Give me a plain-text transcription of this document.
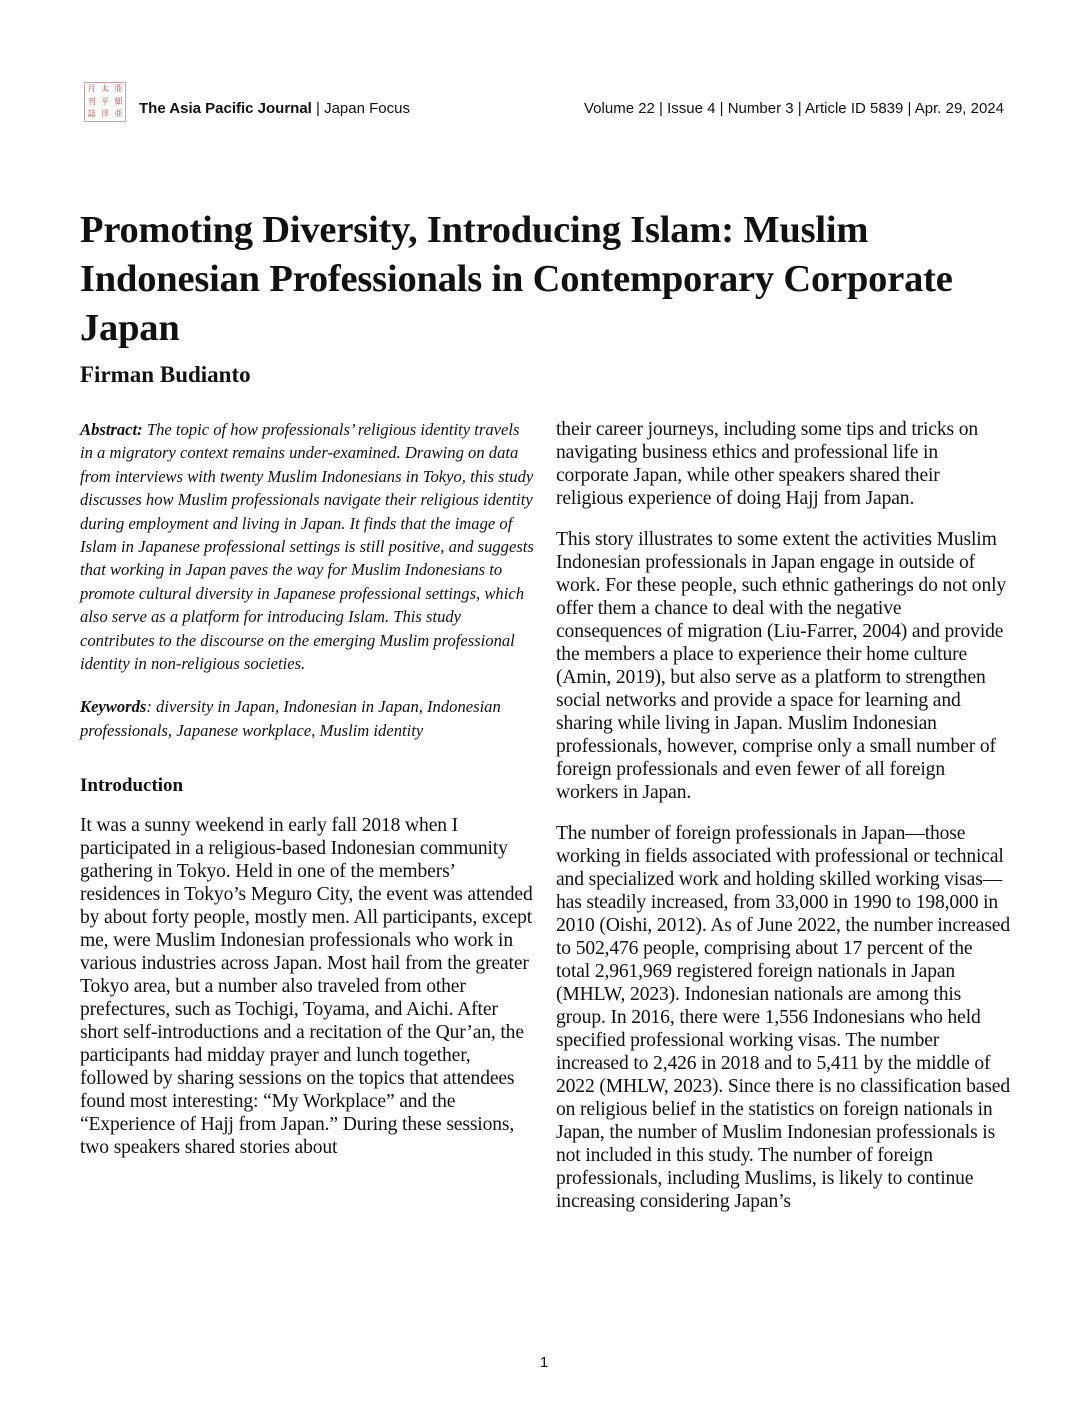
月 太 亜
刊 平 細
誌 洋 亜 The Asia Pacific Journal | Japan Focus	Volume 22 | Issue 4 | Number 3 | Article ID 5839 | Apr. 29, 2024
Promoting Diversity, Introducing Islam: Muslim Indonesian Professionals in Contemporary Corporate Japan

Firman Budianto

Abstract: The topic of how professionals’ religious identity travels in a migratory context remains under-examined. Drawing on data from interviews with twenty Muslim Indonesians in Tokyo, this study discusses how Muslim professionals navigate their religious identity during employment and living in Japan. It finds that the image of Islam in Japanese professional settings is still positive, and suggests that working in Japan paves the way for Muslim Indonesians to promote cultural diversity in Japanese professional settings, which also serve as a platform for introducing Islam. This study contributes to the discourse on the emerging Muslim professional identity in non-religious societies.

Keywords: diversity in Japan, Indonesian in Japan, Indonesian professionals, Japanese workplace, Muslim identity

Introduction

It was a sunny weekend in early fall 2018 when I participated in a religious-based Indonesian community gathering in Tokyo. Held in one of the members’ residences in Tokyo’s Meguro City, the event was attended by about forty people, mostly men. All participants, except me, were Muslim Indonesian professionals who work in various industries across Japan. Most hail from the greater Tokyo area, but a number also traveled from other prefectures, such as Tochigi, Toyama, and Aichi. After short self-introductions and a recitation of the Qur’an, the participants had midday prayer and lunch together, followed by sharing sessions on the topics that attendees found most interesting: “My Workplace” and the “Experience of Hajj from Japan.” During these sessions, two speakers shared stories about

their career journeys, including some tips and tricks on navigating business ethics and professional life in corporate Japan, while other speakers shared their religious experience of doing Hajj from Japan.

This story illustrates to some extent the activities Muslim Indonesian professionals in Japan engage in outside of work. For these people, such ethnic gatherings do not only offer them a chance to deal with the negative consequences of migration (Liu-Farrer, 2004) and provide the members a place to experience their home culture (Amin, 2019), but also serve as a platform to strengthen social networks and provide a space for learning and sharing while living in Japan. Muslim Indonesian professionals, however, comprise only a small number of foreign professionals and even fewer of all foreign workers in Japan.

The number of foreign professionals in Japan—those working in fields associated with professional or technical and specialized work and holding skilled working visas—has steadily increased, from 33,000 in 1990 to 198,000 in 2010 (Oishi, 2012). As of June 2022, the number increased to 502,476 people, comprising about 17 percent of the total 2,961,969 registered foreign nationals in Japan (MHLW, 2023). Indonesian nationals are among this group. In 2016, there were 1,556 Indonesians who held specified professional working visas. The number increased to 2,426 in 2018 and to 5,411 by the middle of 2022 (MHLW, 2023). Since there is no classification based on religious belief in the statistics on foreign nationals in Japan, the number of Muslim Indonesian professionals is not included in this study. The number of foreign professionals, including Muslims, is likely to continue increasing considering Japan’s

1
